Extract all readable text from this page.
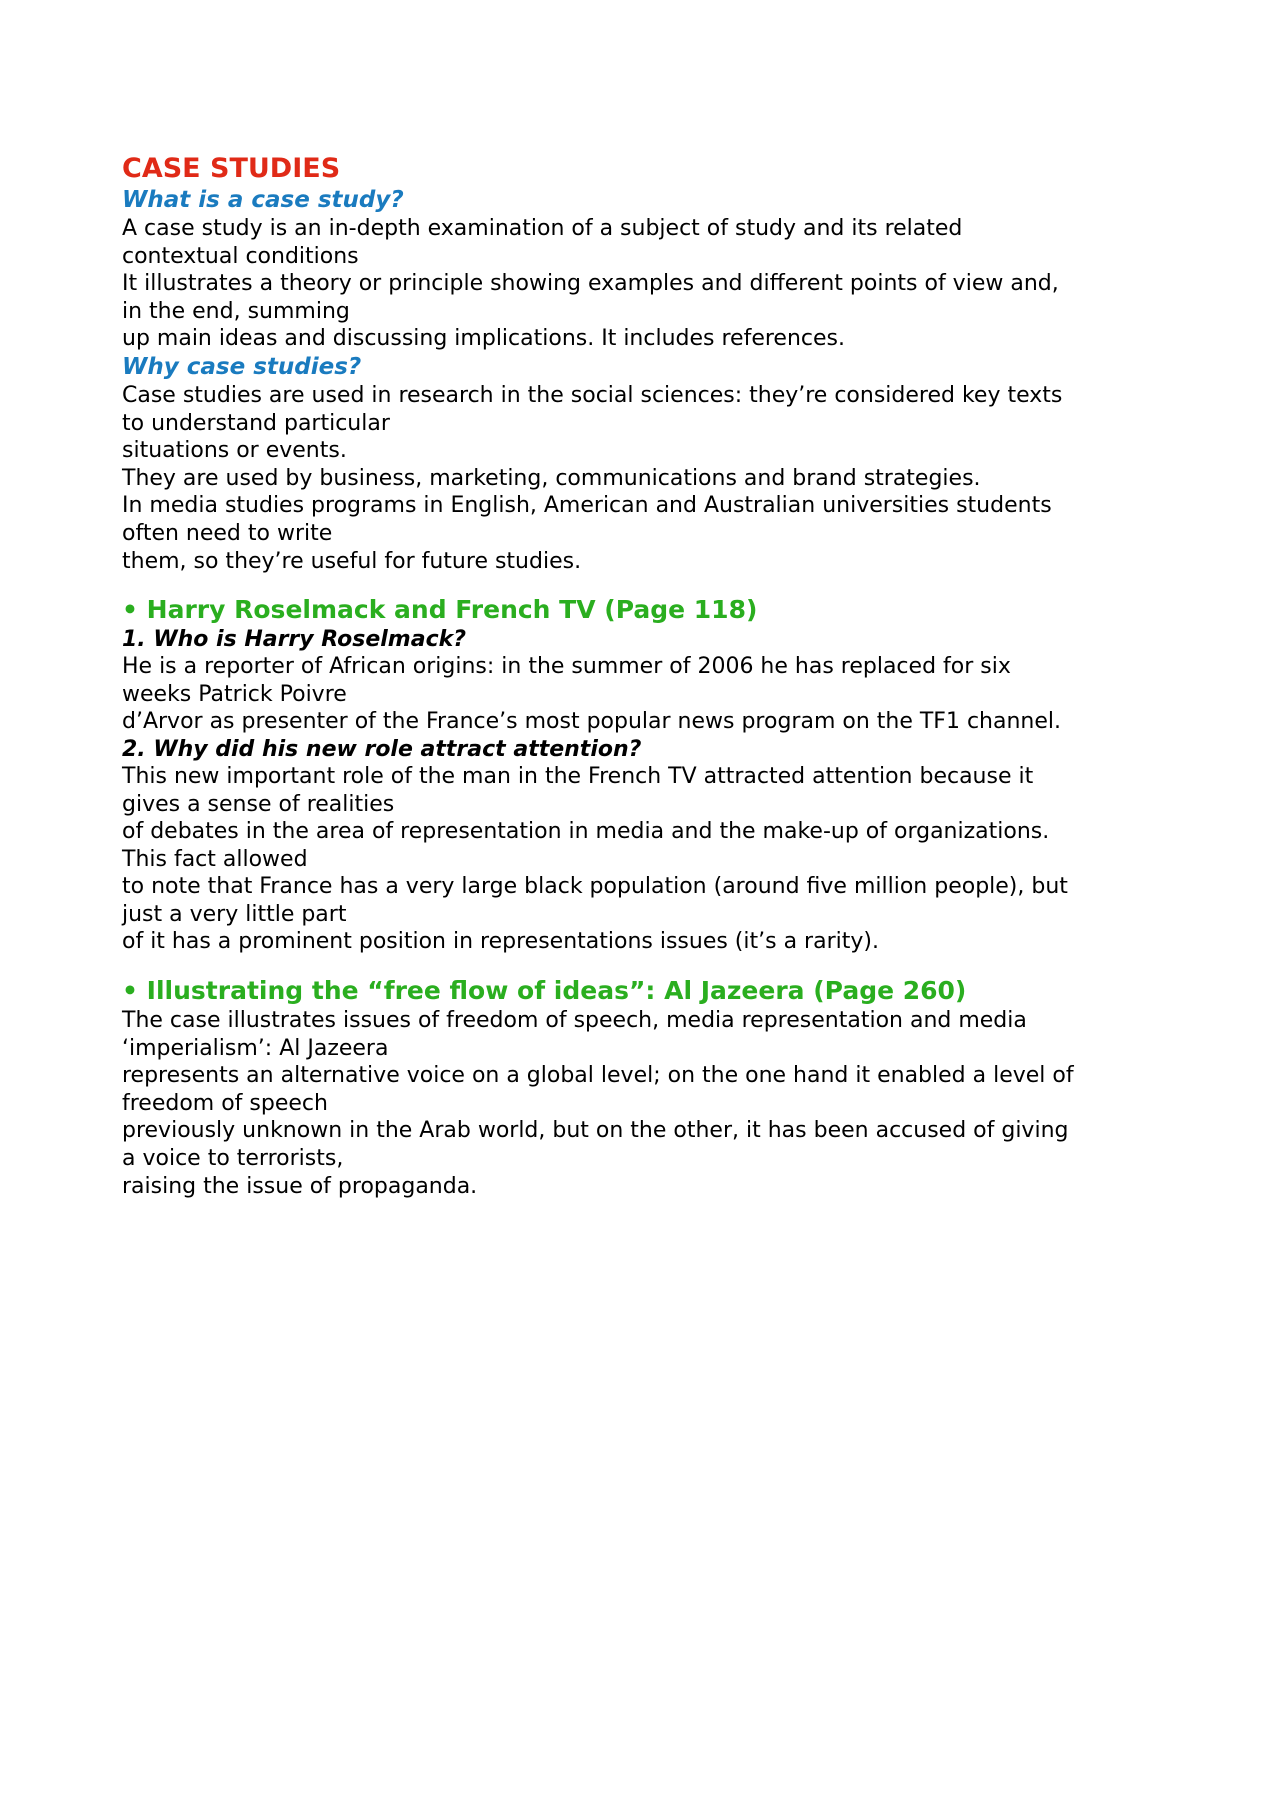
CASE STUDIES
What is a case study?
A case study is an in-depth examination of a subject of study and its related
contextual conditions
It illustrates a theory or principle showing examples and different points of view and,
in the end, summing
up main ideas and discussing implications. It includes references.
Why case studies?
Case studies are used in research in the social sciences: they’re considered key texts
to understand particular
situations or events.
They are used by business, marketing, communications and brand strategies.
In media studies programs in English, American and Australian universities students
often need to write
them, so they’re useful for future studies.
• Harry Roselmack and French TV (Page 118)
1. Who is Harry Roselmack?
He is a reporter of African origins: in the summer of 2006 he has replaced for six
weeks Patrick Poivre
d’Arvor as presenter of the France’s most popular news program on the TF1 channel.
2. Why did his new role attract attention?
This new important role of the man in the French TV attracted attention because it
gives a sense of realities
of debates in the area of representation in media and the make-up of organizations.
This fact allowed
to note that France has a very large black population (around five million people), but
just a very little part
of it has a prominent position in representations issues (it’s a rarity).
• Illustrating the “free flow of ideas”: Al Jazeera (Page 260)
The case illustrates issues of freedom of speech, media representation and media
‘imperialism’: Al Jazeera
represents an alternative voice on a global level; on the one hand it enabled a level of
freedom of speech
previously unknown in the Arab world, but on the other, it has been accused of giving
a voice to terrorists,
raising the issue of propaganda.
